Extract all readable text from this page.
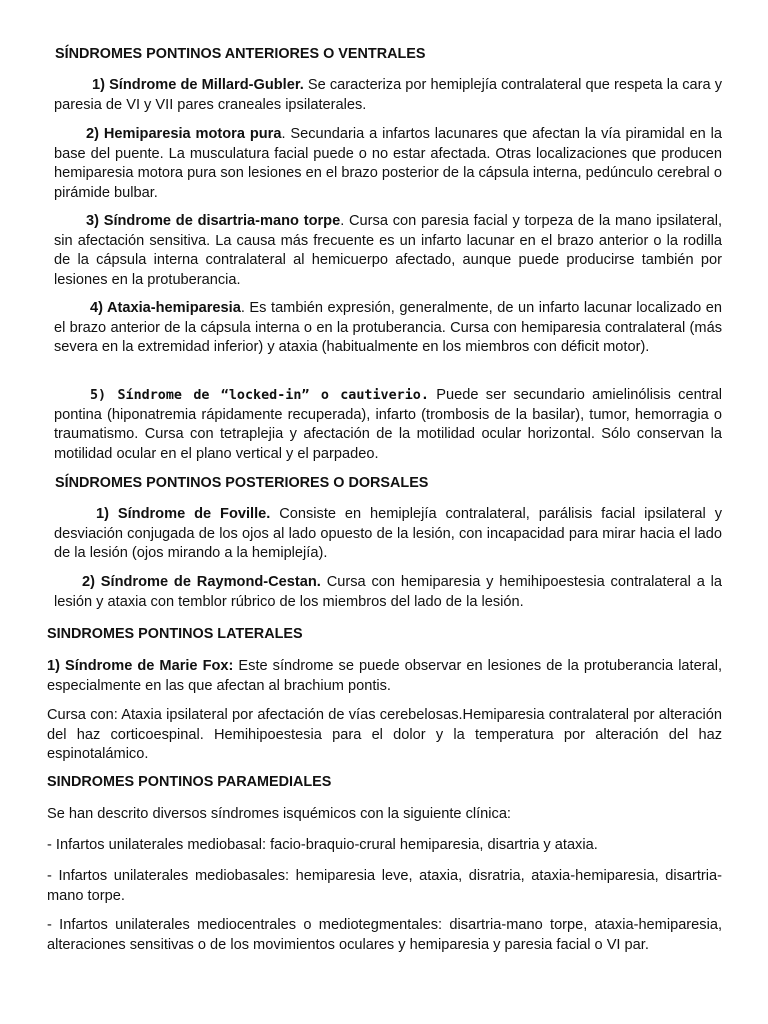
SÍNDROMES PONTINOS ANTERIORES O VENTRALES
1) Síndrome de Millard-Gubler. Se caracteriza por hemiplejía contralateral que respeta la cara y paresia de VI y VII pares craneales ipsilaterales.
2) Hemiparesia motora pura. Secundaria a infartos lacunares que afectan la vía piramidal en la base del puente. La musculatura facial puede o no estar afectada. Otras localizaciones que producen hemiparesia motora pura son lesiones en el brazo posterior de la cápsula interna, pedúnculo cerebral o pirámide bulbar.
3) Síndrome de disartria-mano torpe. Cursa con paresia facial y torpeza de la mano ipsilateral, sin afectación sensitiva. La causa más frecuente es un infarto lacunar en el brazo anterior o la rodilla de la cápsula interna contralateral al hemicuerpo afectado, aunque puede producirse también por lesiones en la protuberancia.
4) Ataxia-hemiparesia. Es también expresión, generalmente, de un infarto lacunar localizado en el brazo anterior de la cápsula interna o en la protuberancia. Cursa con hemiparesia contralateral (más severa en la extremidad inferior) y ataxia (habitualmente en los miembros con déficit motor).
5) Síndrome de “locked-in” o cautiverio. Puede ser secundario amielinólisis central pontina (hiponatremia rápidamente recuperada), infarto (trombosis de la basilar), tumor, hemorragia o traumatismo. Cursa con tetraplejia y afectación de la motilidad ocular horizontal. Sólo conservan la motilidad ocular en el plano vertical y el parpadeo.
SÍNDROMES PONTINOS POSTERIORES O DORSALES
1) Síndrome de Foville. Consiste en hemiplejía contralateral, parálisis facial ipsilateral y desviación conjugada de los ojos al lado opuesto de la lesión, con incapacidad para mirar hacia el lado de la lesión (ojos mirando a la hemiplejía).
2) Síndrome de Raymond-Cestan. Cursa con hemiparesia y hemihipoestesia contralateral a la lesión y ataxia con temblor rúbrico de los miembros del lado de la lesión.
SINDROMES PONTINOS LATERALES
1) Síndrome de Marie Fox: Este síndrome se puede observar en lesiones de la protuberancia lateral, especialmente en las que afectan al brachium pontis.
Cursa con: Ataxia ipsilateral por afectación de vías cerebelosas.Hemiparesia contralateral por alteración del haz corticoespinal. Hemihipoestesia para el dolor y la temperatura por alteración del haz espinotalámico.
SINDROMES PONTINOS PARAMEDIALES
Se han descrito diversos síndromes isquémicos con la siguiente clínica:
- Infartos unilaterales mediobasal: facio-braquio-crural hemiparesia, disartria y ataxia.
- Infartos unilaterales mediobasales: hemiparesia leve, ataxia, disratria, ataxia-hemiparesia, disartria-mano torpe.
- Infartos unilaterales mediocentrales o mediotegmentales: disartria-mano torpe, ataxia-hemiparesia, alteraciones sensitivas o de los movimientos oculares y hemiparesia y paresia facial o VI par.
